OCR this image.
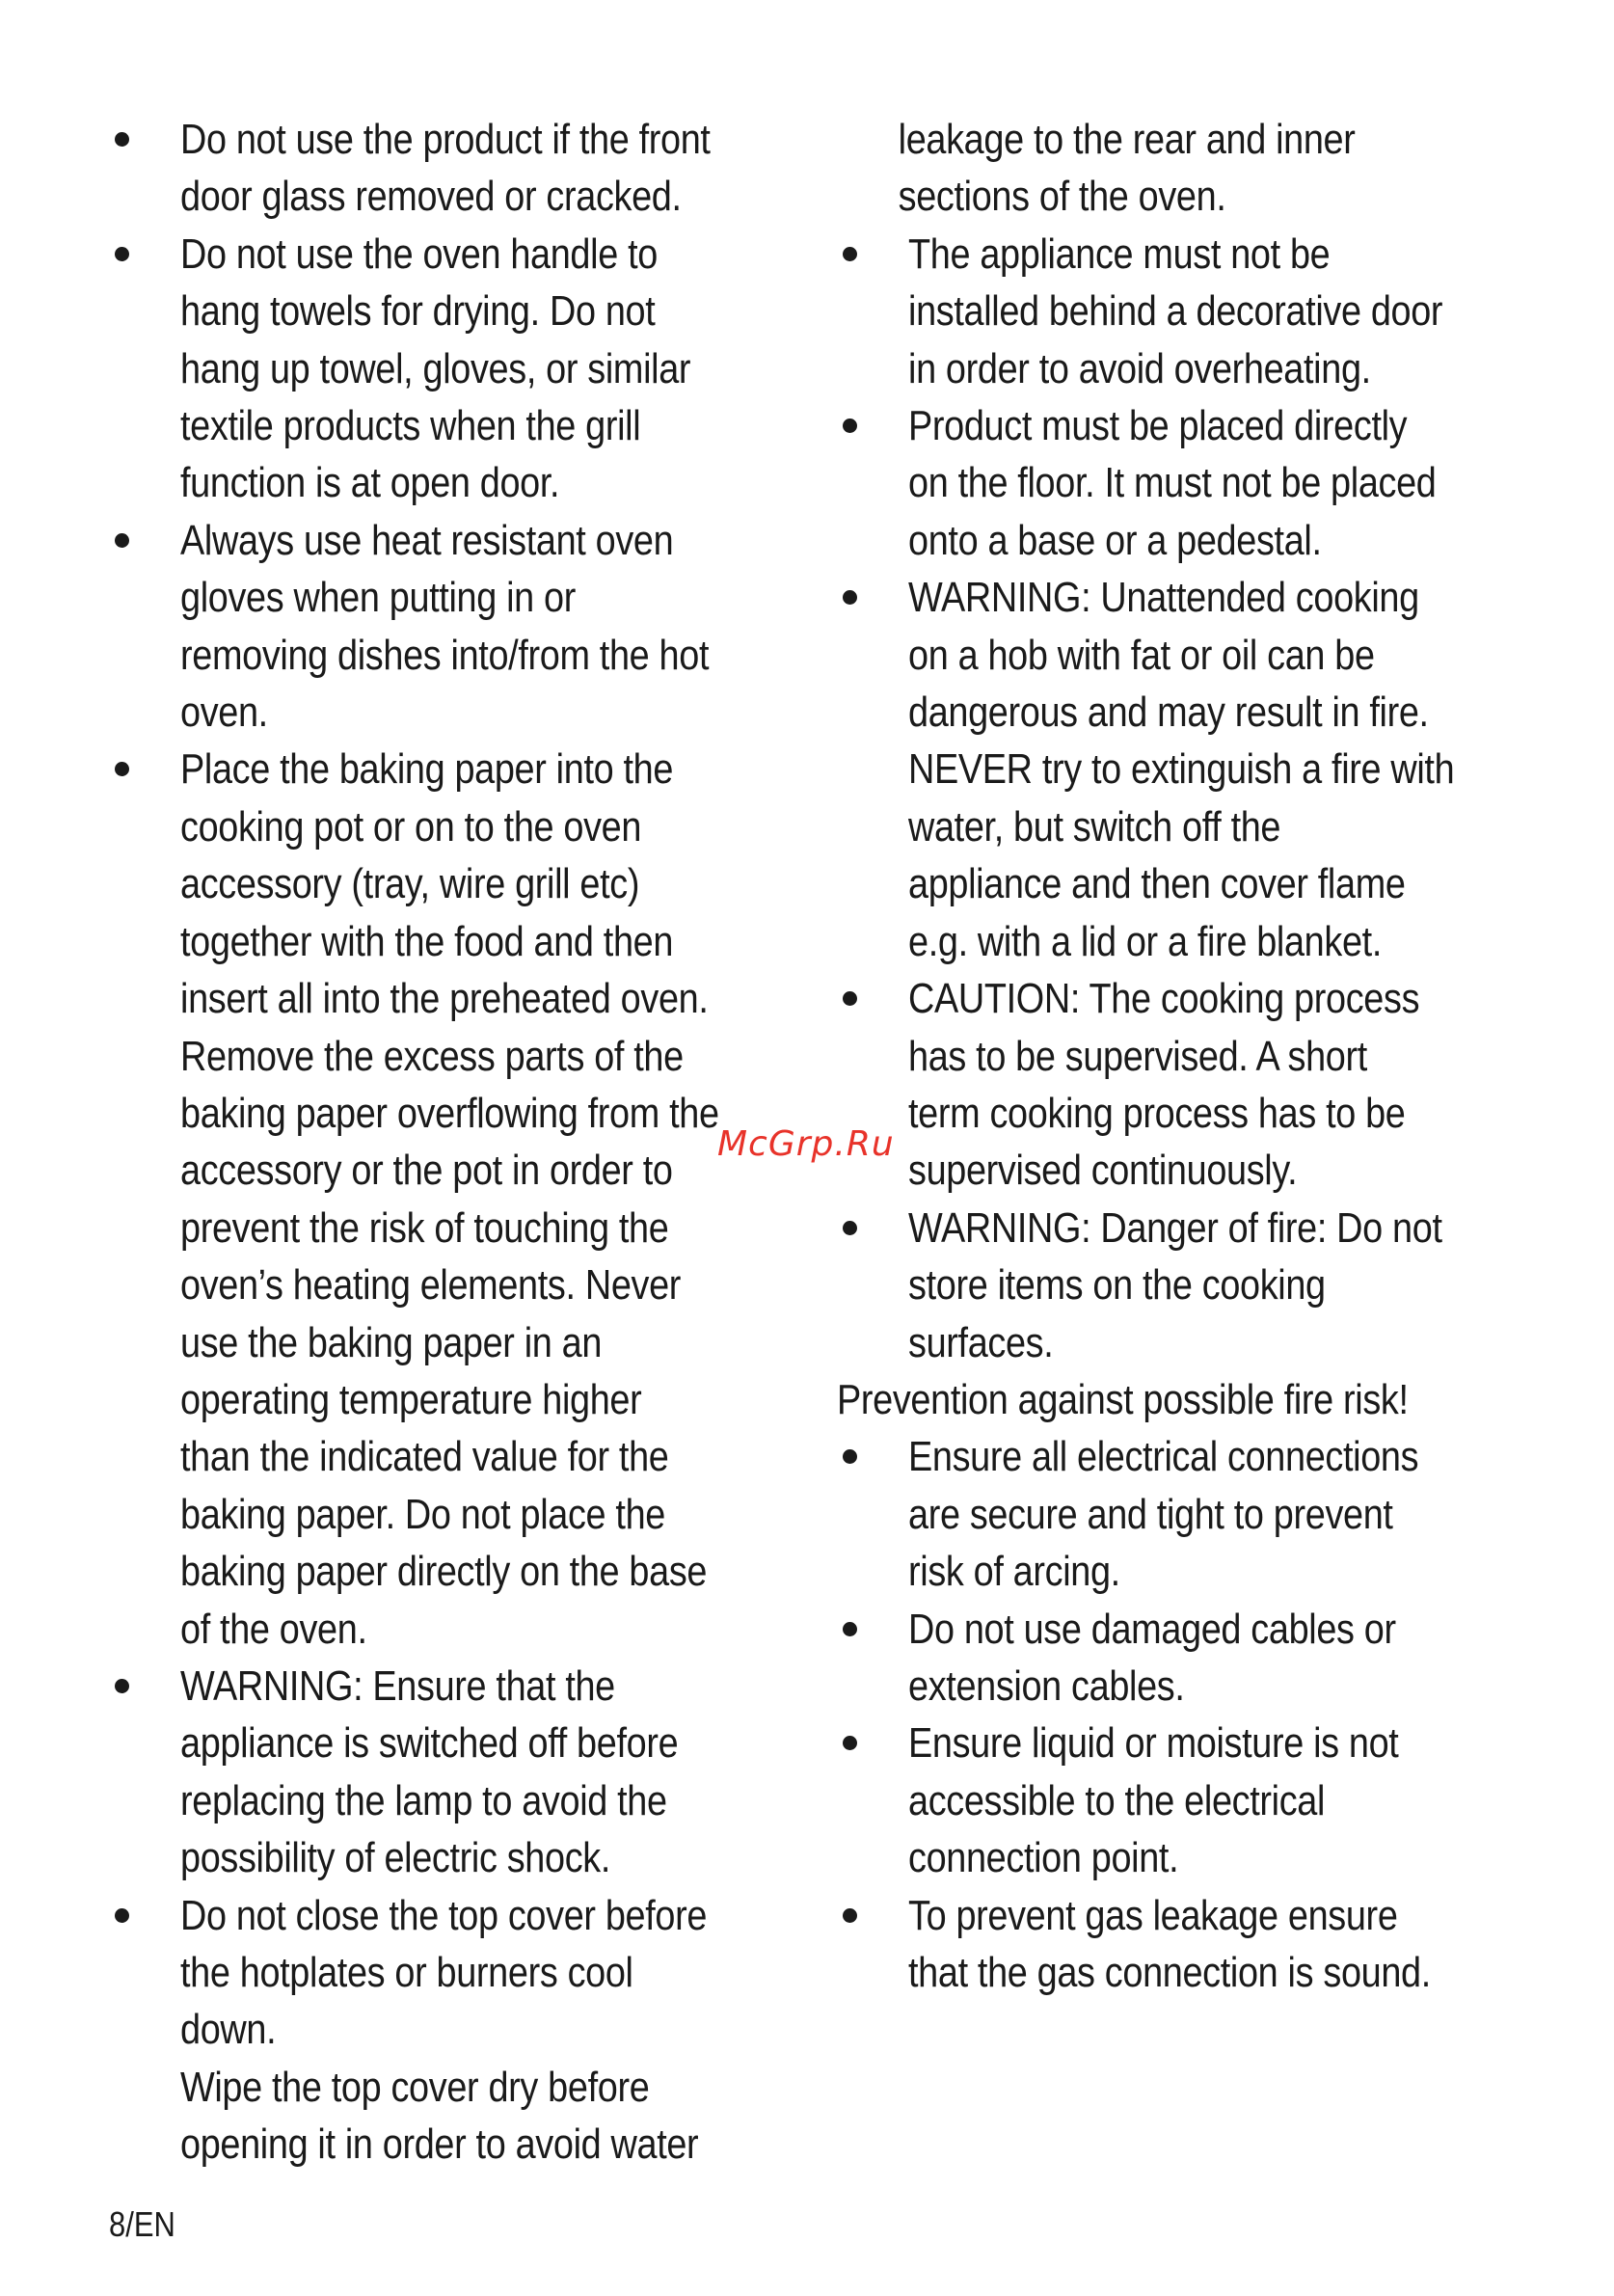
Do not use the product if the front
door glass removed or cracked.
Do not use the oven handle to
hang towels for drying. Do not
hang up towel, gloves, or similar
textile products when the grill
function is at open door.
Always use heat resistant oven
gloves when putting in or
removing dishes into/from the hot
oven.
Place the baking paper into the
cooking pot or on to the oven
accessory (tray, wire grill etc)
together with the food and then
insert all into the preheated oven.
Remove the excess parts of the
baking paper overflowing from the
accessory or the pot in order to
prevent the risk of touching the
oven’s heating elements. Never
use the baking paper in an
operating temperature higher
than the indicated value for the
baking paper. Do not place the
baking paper directly on the base
of the oven.
WARNING: Ensure that the
appliance is switched off before
replacing the lamp to avoid the
possibility of electric shock.
Do not close the top cover before
the hotplates or burners cool
down.
Wipe the top cover dry before
opening it in order to avoid water
leakage to the rear and inner
sections of the oven.
The appliance must not be
installed behind a decorative door
in order to avoid overheating.
Product must be placed directly
on the floor. It must not be placed
onto a base or a pedestal.
WARNING: Unattended cooking
on a hob with fat or oil can be
dangerous and may result in fire.
NEVER try to extinguish a fire with
water, but switch off the
appliance and then cover flame
e.g. with a lid or a fire blanket.
CAUTION: The cooking process
has to be supervised. A short
term cooking process has to be
supervised continuously.
WARNING: Danger of fire: Do not
store items on the cooking
surfaces.
Prevention against possible fire risk!
Ensure all electrical connections
are secure and tight to prevent
risk of arcing.
Do not use damaged cables or
extension cables.
Ensure liquid or moisture is not
accessible to the electrical
connection point.
To prevent gas leakage ensure
that the gas connection is sound.
McGrp.Ru
8/EN
